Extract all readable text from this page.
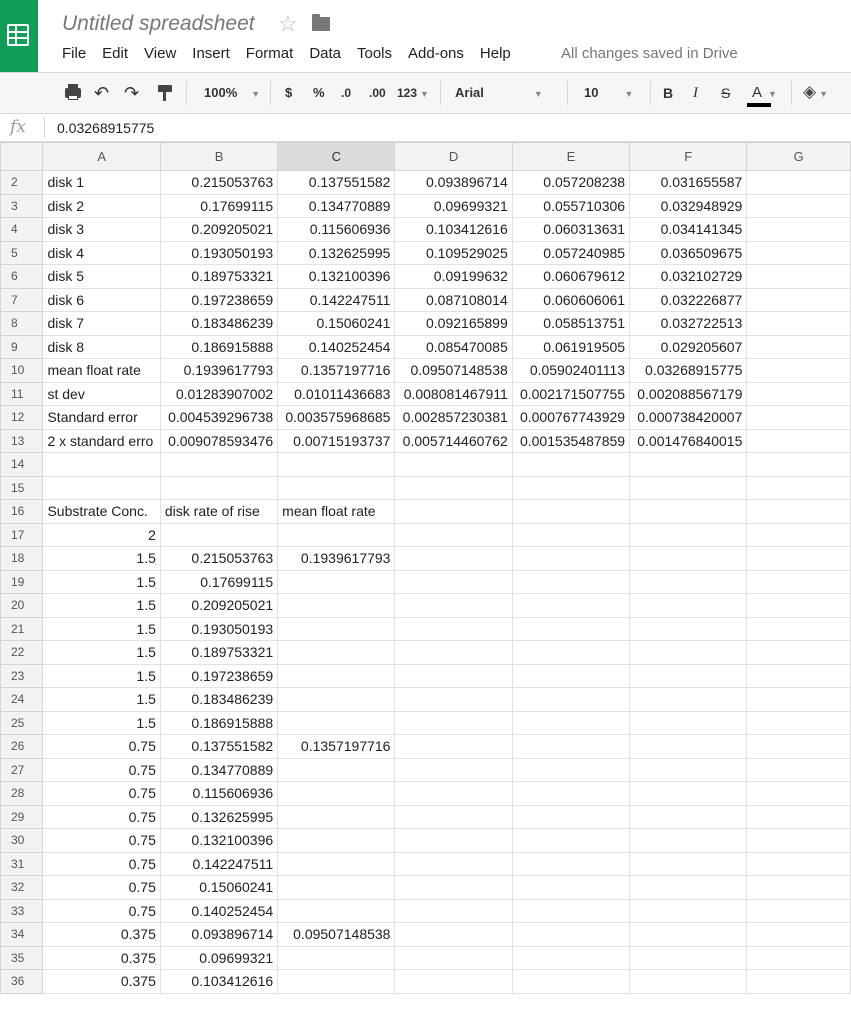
Untitled spreadsheet ☆
File Edit View Insert Format Data Tools Add-ons Help	All changes saved in Drive
↶ ↷	100% ▼ $ % .0 .00 123 ▼ Arial	▼	10	▼ B I S A ▼ ◈ ▼
fx 0.03268915775
	A	B	C	D	E	F	G
2	disk 1	0.215053763	0.137551582	0.093896714	0.057208238	0.031655587	
3	disk 2	0.17699115	0.134770889	0.09699321	0.055710306	0.032948929	
4	disk 3	0.209205021	0.115606936	0.103412616	0.060313631	0.034141345	
5	disk 4	0.193050193	0.132625995	0.109529025	0.057240985	0.036509675	
6	disk 5	0.189753321	0.132100396	0.09199632	0.060679612	0.032102729	
7	disk 6	0.197238659	0.142247511	0.087108014	0.060606061	0.032226877	
8	disk 7	0.183486239	0.15060241	0.092165899	0.058513751	0.032722513	
9	disk 8	0.186915888	0.140252454	0.085470085	0.061919505	0.029205607	
10	mean float rate	0.1939617793	0.1357197716	0.09507148538	0.05902401113	0.03268915775	
11	st dev	0.01283907002	0.01011436683	0.008081467911	0.002171507755	0.002088567179	
12	Standard error	0.004539296738	0.003575968685	0.002857230381	0.000767743929	0.000738420007	
13	2 x standard erro	0.009078593476	0.00715193737	0.005714460762	0.001535487859	0.001476840015	
14							
15							
16	Substrate Conc.	disk rate of rise	mean float rate				
17	2						
18	1.5	0.215053763	0.1939617793				
19	1.5	0.17699115					
20	1.5	0.209205021					
21	1.5	0.193050193					
22	1.5	0.189753321					
23	1.5	0.197238659					
24	1.5	0.183486239					
25	1.5	0.186915888					
26	0.75	0.137551582	0.1357197716				
27	0.75	0.134770889					
28	0.75	0.115606936					
29	0.75	0.132625995					
30	0.75	0.132100396					
31	0.75	0.142247511					
32	0.75	0.15060241					
33	0.75	0.140252454					
34	0.375	0.093896714	0.09507148538				
35	0.375	0.09699321					
36	0.375	0.103412616					
